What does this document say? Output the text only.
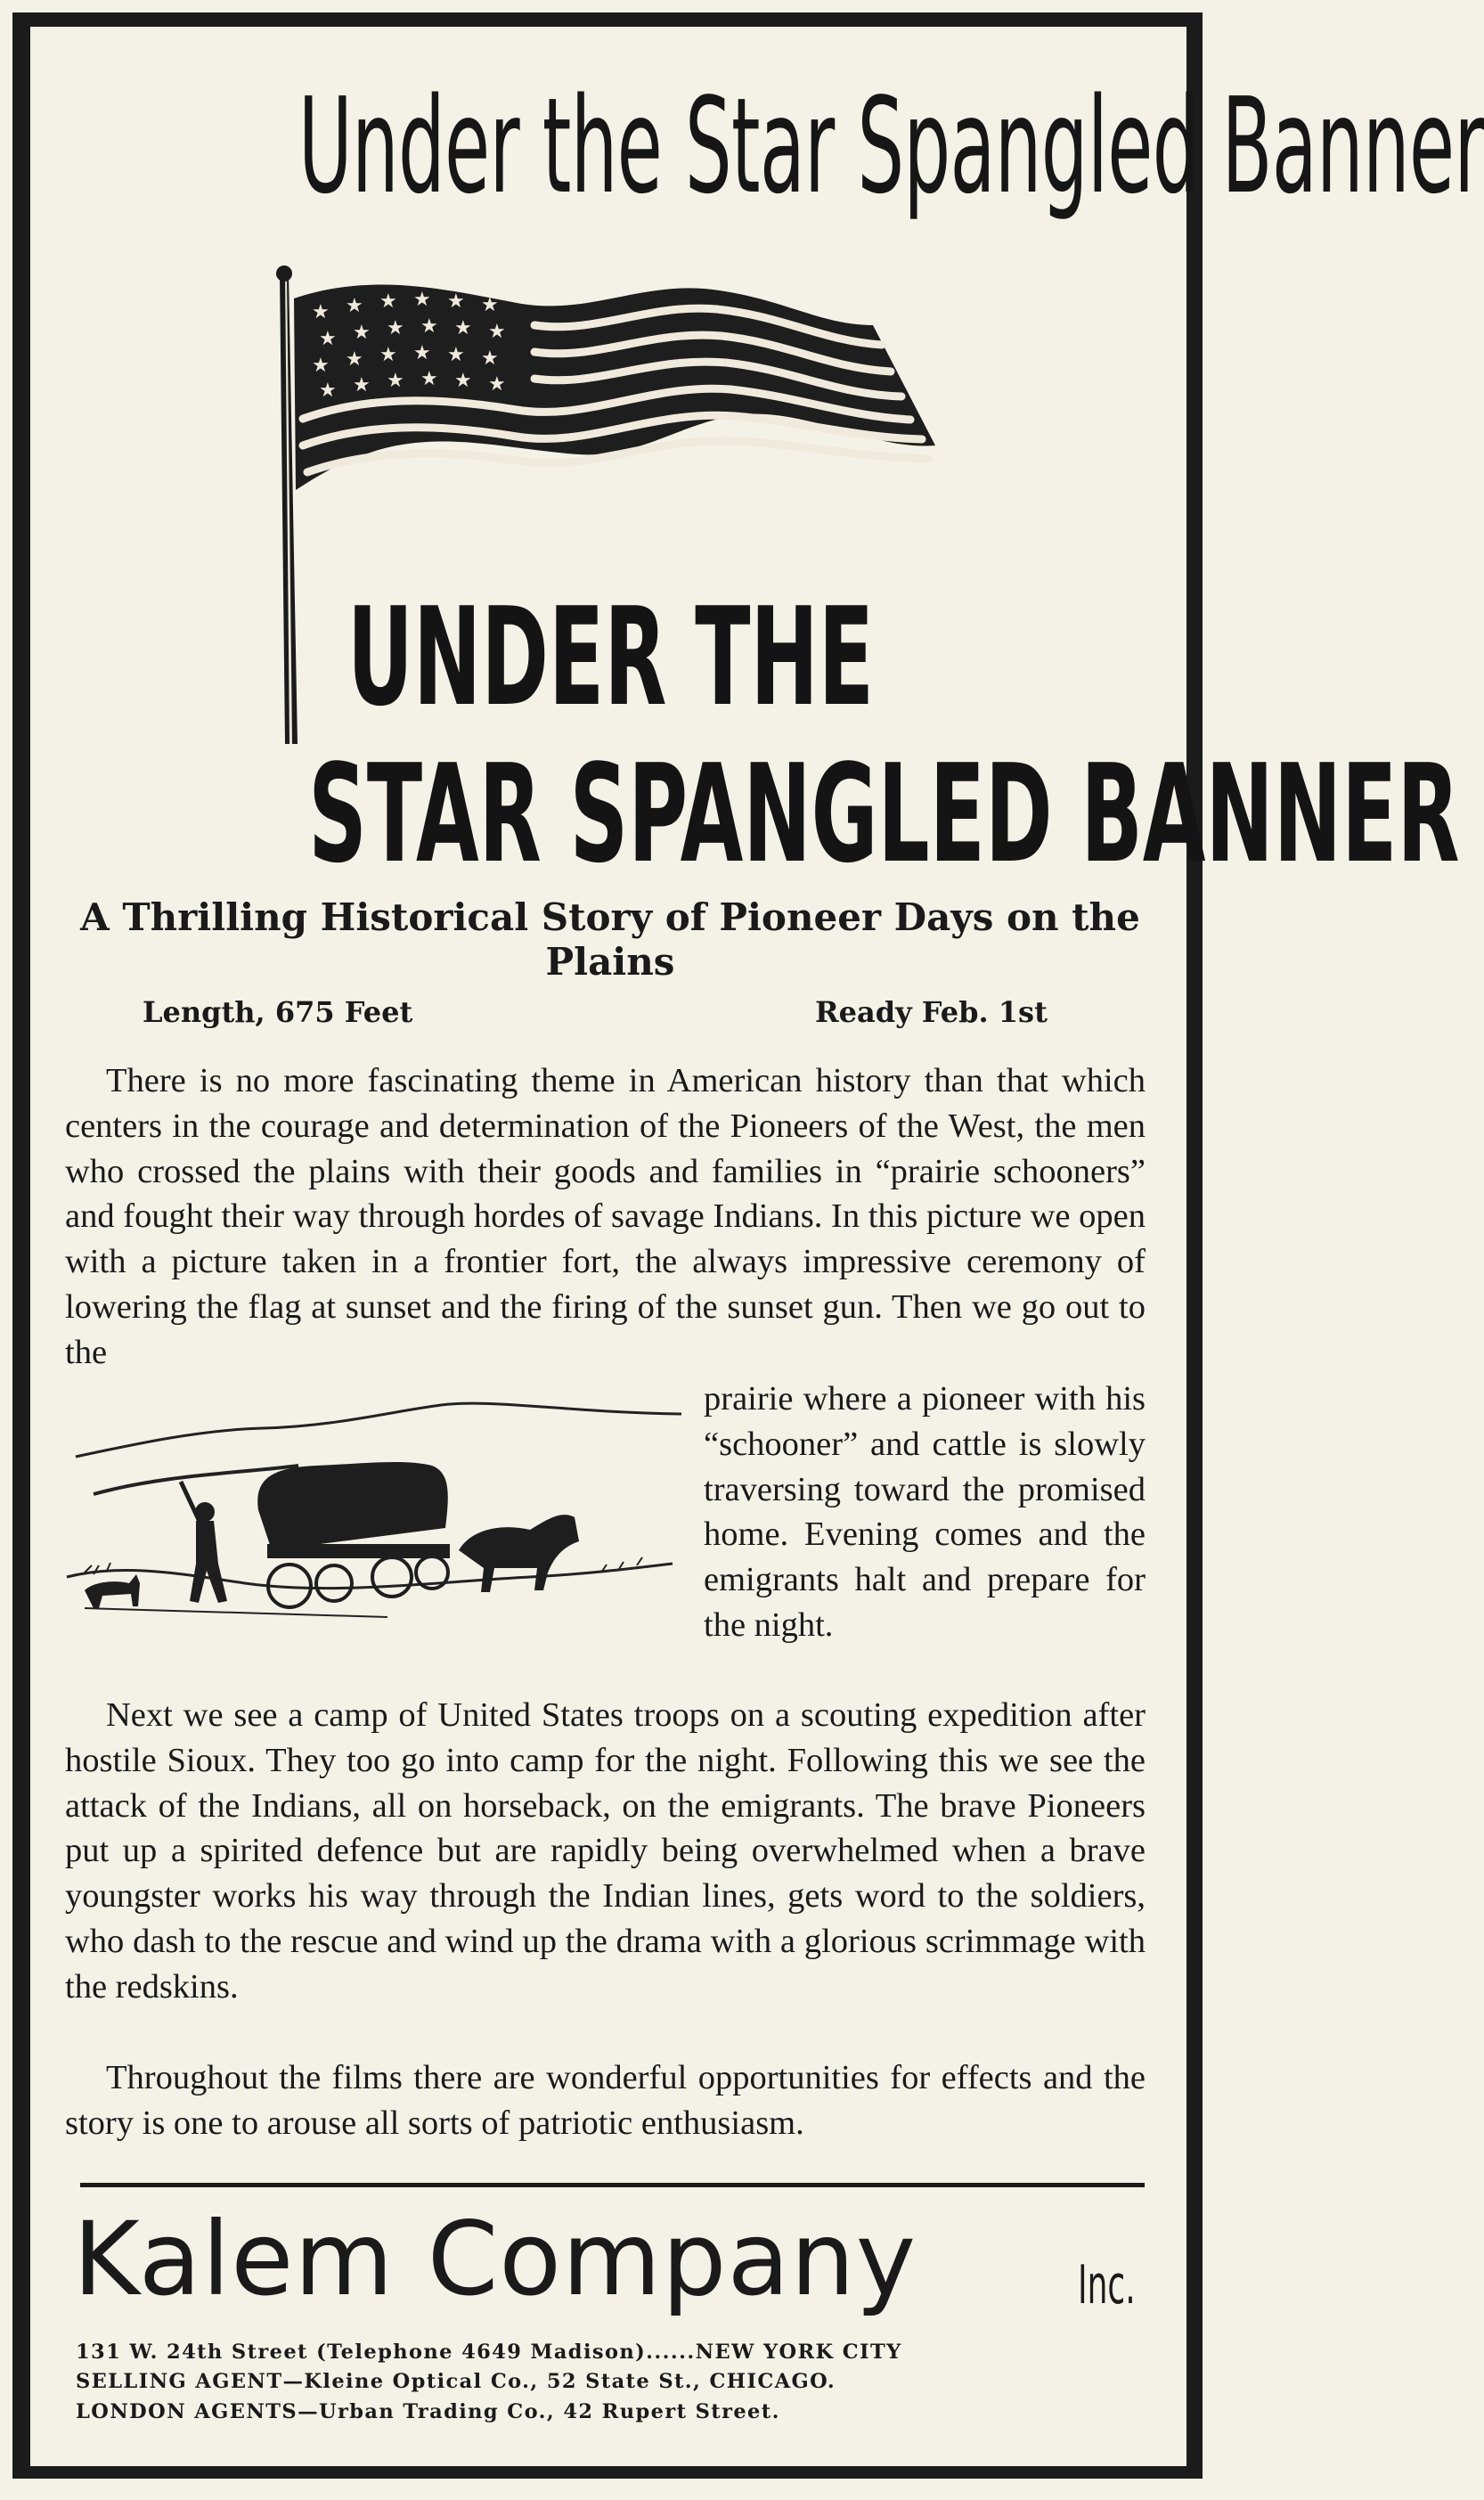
Under the Star Spangled Banner
★ ★ ★ ★ ★ ★
★ ★ ★ ★ ★ ★
★ ★ ★ ★ ★ ★
★ ★ ★ ★ ★ ★
UNDER THE
STAR SPANGLED BANNER
A Thrilling Historical Story of Pioneer Days on the Plains
Length, 675 Feet	Ready Feb. 1st

There is no more fascinating theme in American history than that which centers in the courage and determination of the Pioneers of the West, the men who crossed the plains with their goods and families in “prairie schooners” and fought their way through hordes of savage Indians. In this picture we open with a picture taken in a frontier fort, the always impressive ceremony of lowering the flag at sunset and the firing of the sunset gun. Then we go out to the

prairie where a pioneer with his “schooner” and cattle is slowly traversing toward the promised home. Evening comes and the emigrants halt and prepare for the night.

Next we see a camp of United States troops on a scouting expedition after hostile Sioux. They too go into camp for the night. Following this we see the attack of the Indians, all on horseback, on the emigrants. The brave Pioneers put up a spirited defence but are rapidly being overwhelmed when a brave youngster works his way through the Indian lines, gets word to the soldiers, who dash to the rescue and wind up the drama with a glorious scrimmage with the redskins.

Throughout the films there are wonderful opportunities for effects and the story is one to arouse all sorts of patriotic enthusiasm.

Kalem Company	Inc.
131 W. 24th Street (Telephone 4649 Madison)......NEW YORK CITY
SELLING AGENT—Kleine Optical Co., 52 State St., CHICAGO.
LONDON AGENTS—Urban Trading Co., 42 Rupert Street.
